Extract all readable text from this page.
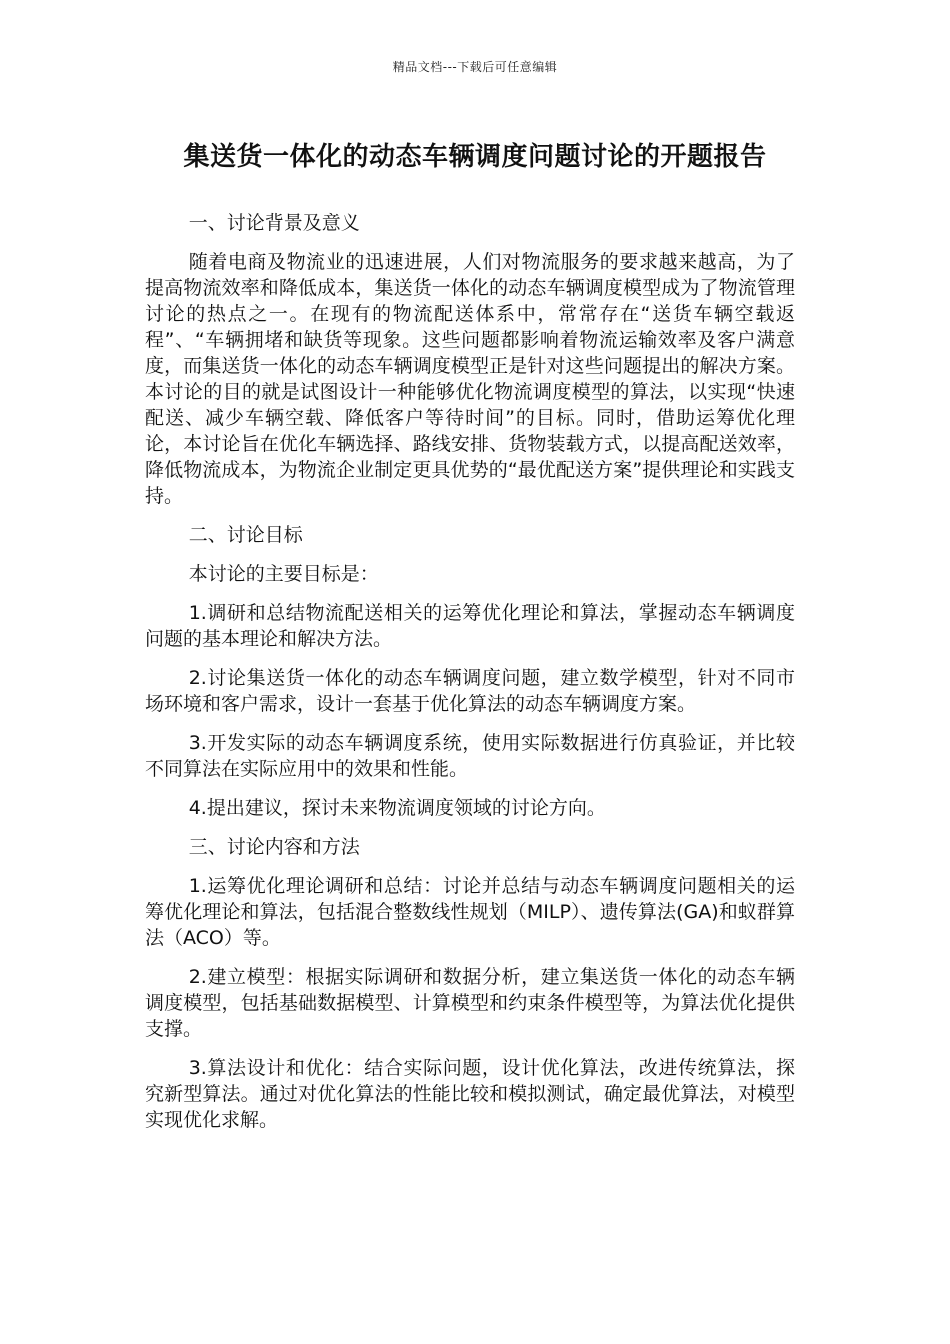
精品文档---下载后可任意编辑
集送货一体化的动态车辆调度问题讨论的开题报告

一、讨论背景及意义

随着电商及物流业的迅速进展，人们对物流服务的要求越来越高，为了提高物流效率和降低成本，集送货一体化的动态车辆调度模型成为了物流管理讨论的热点之一。在现有的物流配送体系中，常常存在“送货车辆空载返程”、“车辆拥堵和缺货等现象。这些问题都影响着物流运输效率及客户满意度，而集送货一体化的动态车辆调度模型正是针对这些问题提出的解决方案。本讨论的目的就是试图设计一种能够优化物流调度模型的算法，以实现“快速配送、减少车辆空载、降低客户等待时间”的目标。同时，借助运筹优化理论，本讨论旨在优化车辆选择、路线安排、货物装载方式，以提高配送效率，降低物流成本，为物流企业制定更具优势的“最优配送方案”提供理论和实践支持。

二、讨论目标

本讨论的主要目标是：

1.调研和总结物流配送相关的运筹优化理论和算法，掌握动态车辆调度问题的基本理论和解决方法。

2.讨论集送货一体化的动态车辆调度问题，建立数学模型，针对不同市场环境和客户需求，设计一套基于优化算法的动态车辆调度方案。

3.开发实际的动态车辆调度系统，使用实际数据进行仿真验证，并比较不同算法在实际应用中的效果和性能。

4.提出建议，探讨未来物流调度领域的讨论方向。

三、讨论内容和方法

1.运筹优化理论调研和总结：讨论并总结与动态车辆调度问题相关的运筹优化理论和算法，包括混合整数线性规划（MILP）、遗传算法(GA)和蚁群算法（ACO）等。

2.建立模型：根据实际调研和数据分析，建立集送货一体化的动态车辆调度模型，包括基础数据模型、计算模型和约束条件模型等，为算法优化提供支撑。

3.算法设计和优化：结合实际问题，设计优化算法，改进传统算法，探究新型算法。通过对优化算法的性能比较和模拟测试，确定最优算法，对模型实现优化求解。
